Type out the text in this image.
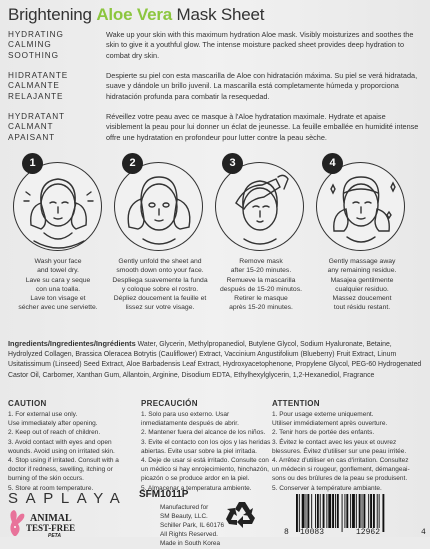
Brightening Aloe Vera Mask Sheet
HYDRATING
CALMING
SOOTHING
Wake up your skin with this maximum hydration Aloe mask. Visibly moisturizes and soothes the skin to give it a youthful glow. The intense moisture packed sheet provides deep hydration to combat dry skin.
HIDRATANTE
CALMANTE
RELAJANTE
Despierte su piel con esta mascarilla de Aloe con hidratación máxima. Su piel se verá hidratada, suave y dándole un brillo juvenil. La mascarilla está completamente húmeda y proporciona hidratación profunda para combatir la resequedad.
HYDRATANT
CALMANT
APAISANT
Réveillez votre peau avec ce masque à l'Aloe hydratation maximale. Hydrate et apaise visiblement la peau pour lui donner un éclat de jeunesse. La feuille emballée en humidité intense offre une hydratation en profondeur pour lutter contre la peau sèche.
1	2	3	4
Wash your face
and towel dry.
Lave su cara y seque
con una toalla.
Lave ton visage et
sécher avec une serviette.
Gently unfold the sheet and
smooth down onto your face.
Despliega suavemente la funda
y coloque sobre el rostro.
Dépliez doucement la feuille et
lissez sur votre visage.
Remove mask
after 15-20 minutes.
Remueve la mascarilla
después de 15-20 minutos.
Retirer le masque
après 15-20 minutes.
Gently massage away
any remaining residue.
Masajea gentilmente
cualquier residuo.
Massez doucement
tout résidu restant.
Ingredients/Ingredientes/Ingrédients Water, Glycerin, Methylpropanediol, Butylene Glycol, Sodium Hyaluronate, Betaine, Hydrolyzed Collagen, Brassica Oleracea Botrytis (Cauliflower) Extract, Vaccinium Angustifolium (Blueberry) Fruit Extract, Linum Usitatissimum (Linseed) Seed Extract, Aloe Barbadensis Leaf Extract, Hydroxyacetophenone, Propylene Glycol, PEG-60 Hydrogenated Castor Oil, Carbomer, Xanthan Gum, Allantoin, Arginine, Disodium EDTA, Ethylhexylglycerin, 1,2-Hexanediol, Fragrance
CAUTION
1. For external use only.
Use immediately after opening.
2. Keep out of reach of children.
3. Avoid contact with eyes and open
wounds. Avoid using on irritated skin.
4. Stop using if irritated. Consult with a
doctor if redness, swelling, itching or
burning of the skin occurs.
5. Store at room temperature.
PRECAUCIÓN
1. Solo para uso externo. Usar
inmediatamente después de abrir.
2. Mantener fuera del alcance de los niños.
3. Evite el contacto con los ojos y las heridas
abiertas. Evite usar sobre la piel irritada.
4. Deje de usar si está irritado. Consulte con
un médico si hay enrojecimiento, hinchazón,
picazón o se produce ardor en la piel.
5. Almacenar a temperatura ambiente.
ATTENTION
1. Pour usage externe uniquement.
Utiliser immédiatement après ouverture.
2. Tenir hors de portée des enfants.
3. Évitez le contact avec les yeux et ouvrez
blessures. Évitez d'utiliser sur une peau irritée.
4. Arrêtez d'utiliser en cas d'irritation. Consultez
un médecin si rougeur, gonflement, démangeai-
sons ou des brûlures de la peau se produisent.
5. Conserver à température ambiante.
SAPLAYA
ANIMAL
TEST-FREE
PETA
SFM1011P
Manufactured for
SM Beauty, LLC.
Schiller Park, IL 60176
All Rights Reserved.
Made in South Korea
8 10083	12962	4
